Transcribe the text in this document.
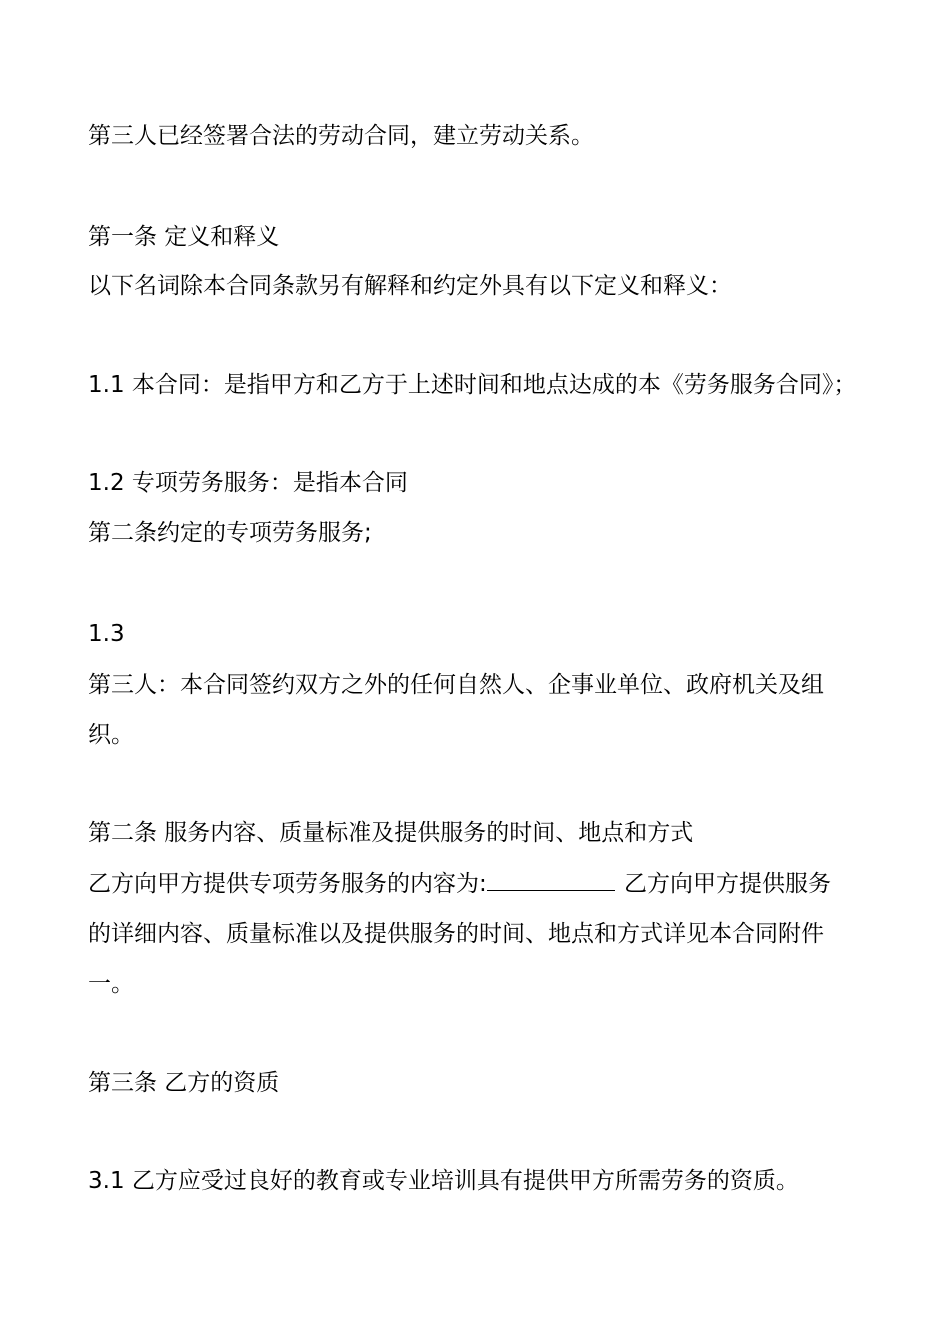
第三人已经签署合法的劳动合同，建立劳动关系。
第一条 定义和释义
以下名词除本合同条款另有解释和约定外具有以下定义和释义：
1.1 本合同：是指甲方和乙方于上述时间和地点达成的本《劳务服务合同》；
1.2 专项劳务服务：是指本合同
第二条约定的专项劳务服务;
1.3
第三人：本合同签约双方之外的任何自然人、企事业单位、政府机关及组
织。
第二条 服务内容、质量标准及提供服务的时间、地点和方式
乙方向甲方提供专项劳务服务的内容为:	乙方向甲方提供服务
的详细内容、质量标准以及提供服务的时间、地点和方式详见本合同附件
一。
第三条 乙方的资质
3.1 乙方应受过良好的教育或专业培训具有提供甲方所需劳务的资质。
